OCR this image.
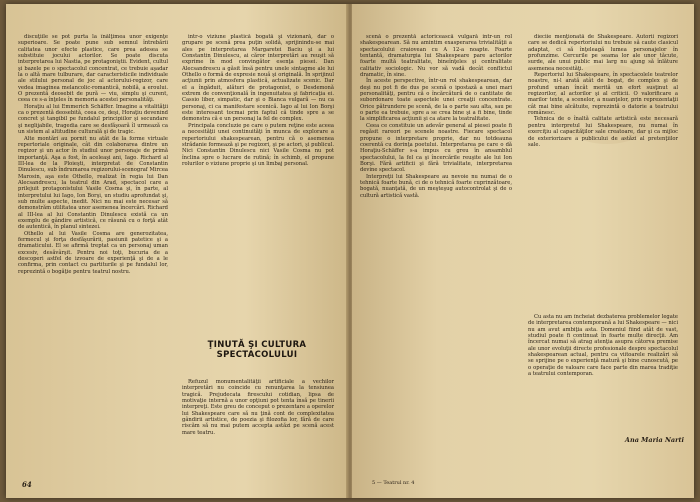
discuţiile se pot purta la înălţimea unor exigenţe superioare. Se poate pune sub semnul întrebării calitatea unor efecte plastice, care prea adesea se substituie jocului actorilor. Se poate discuta interpretarea lui Nastia, pe protagoniştii. Evident, cultul şi bazele pe o spectacolul concentrat, ce trebuie aşadar la o altă mare tulburare, dar caracteristicile individuale ale stilului personal de joc al actorului-regizor, care vedea imaginea melancolic-romantică, nobilă, a eroului. O prezentă deosebit de pură — viu, simplu şi curent, ceea ce s-a înţeles în memoria acestei personalităţi.

Horaţiu al lui Emmerich Schäffer. Imagine a vitalităţii ca o prezentă deosebită, ceea ce, deşi, Horaţiu devenind concret şi tangibil pe fundalul principiilor şi secundare şi neglijabile, tragedia care se desfăşoară îl urmează ca un sistem al altitudine culturală şi de tragic.

Alte montări au pornit nu atât de la forme virtuale repertoriale originale, cât din colaborarea dintre un regizor şi un actor în studiul unor personaje de primă importanţă. Aşa a fost, în aceleaşi ani, Iago. Richard al III-lea de la Ploieşti, interpretat de Constantin Dinulescu, sub îndrumarea regizorului-scenograf Mircea Marosin, aşa este Othello, realizat în regia lui Dan Alecsandrescu, la teatrul din Arad, spectacol care a prilejuit protagonistului Vasile Cosma şi, în parte, al interpretului lui Iago, Ion Borşi, un studiu aprofundat şi, sub multe aspecte, inedit. Nici nu mai este necesar să demonstrăm utilitatea unor asemenea încercări. Richard al III-lea al lui Constantin Dinulescu există ca un exemplu de gândire artistică, ce răsună cu o forţă atât de autentică, în planul sintezei.

Othello al lui Vasile Cosma are generozitatea, fermecul şi forţa desfăşurării, pasiunii patetice şi a dramaticului. El se afirmă treptat ca un personaj uman excesiv, desăvârşit. Pentru noi toţi, bucuria de a descoperi astfel de izvoare de experienţă şi de a le confirma, prin contact cu partiturile şi pe fundalul lor, reprezintă o bogăţie pentru teatrul nostru.

intr-o viziune plastică bogată şi vizionară, dar o grupare pe scenă prea puţin solidă, sprijinindu-se mai ales pe interpretarea Margaretei Baciu şi a lui Constantin Dinulescu, ai căror interpretări au reuşit să exprime în mod convingător esenţa piesei. Dan Alecsandrescu a găsit însă pentru unele sintagme ale lui Othello o formă de expresie nouă şi originală. În sprijinul acţiunii prin atmosfera plastică, actualizate scenic. Dar el a îngăduit, alături de protagonist, o Desdemonă extrem de convenţională în ingenuitatea şi fabricaţia ei. Cassio liber, simpatic, dar şi o Bianca vulgară — nu ca personaj, ci ca manifestare scenică. Iago al lui Ion Borşi este interesant tocmai prin faptul că tinde spre a se demonstra că e un personaj la fel de complex.

Principala concluzie pe care o putem reţine este aceea a necesităţii unei continuităţi în munca de explorare a repertoriului shakespearean, pentru că o asemenea strădanie formează şi pe regizori, şi pe actori, şi publicul. Nici Constantin Dinulescu nici Vasile Cosma nu pot înclina spre o lucrare de rutină; în schimb, el propune rolurilor o viziune proprie şi un limbaj personal.

ŢINUTĂ ŞI CULTURA
SPECTACOLULUI

Refuzul monumentalităţii artificiale a vechilor interpretări nu coincide cu renunţarea la tensiunea tragică. Prejudecata firescului cotidian, lipsa de motivaţie internă a unor opţiuni pot tenta însă pe tinerii interpreţi. Este greu de conceput o prezentare a operelor lui Shakespeare care să nu ţină cont de complexitatea gândirii artistice, de poezia şi filozofia lor, fără de care riscăm să nu mai putem accepta astăzi pe scenă acest mare teatru.

64

scenă o prezentă actoricească vulgară intr-un rol shakespearean. Să nu amintim exasperarea trivialităţii a spectacolului craiovean cu A 12-a noapte. Foarte tentantă, dramaturgia lui Shakespeare pare actorilor foarte multă teatralitate, bineînţeles şi centralitate calitativ sociologic. Nu vor să vadă decât conflictul dramatic, în sine.

În aceste perspective, într-un rol shakespearean, dar deşi nu pot fi de dus pe scenă o ipostază a unei mari personalităţi, pentru că o încărcătură de o cantitate de subordonare toate aspectele unei creaţii concentrate. Orice pătrundere pe scenă, de la o parte sau alta, sau pe o parte ea trebuie, spre a se crea bine şi a fi bine, tinde la simplificarea acţiunii şi ca atare la teatralitate.

Ceea ce constituie un adevăr general al piesei poate fi regăsit rareori pe scenele noastre. Fiecare spectacol propune o interpretare proprie, dar nu totdeauna coerentă cu dorinţa poetului. Interpretarea pe care o dă Horaţiu-Schäffer s-a impus cu greu în ansamblul spectacolului, la fel ca şi încercările reuşite ale lui Ion Borşi. Fără artificii şi fără trivialitate, interpretarea devine spectacol.

Interpreţii lui Shakespeare au nevoie nu numai de o tehnică foarte bună, ci de o tehnică foarte cuprinzătoare, bogată, nuanţată, de un meşteşug autocontrolat şi de o cultură artistică vastă.

dieciie menţionată de Shakespeare. Autorii regizori care se dedică repertoriului nu trebuie să caute clasicul adaptat, ci să înţeleagă lumea personajelor în profunzime. Cercurile pe seama lor ale unor tăcute, surde, ale unui public mai larg nu ajung să înlăture asemenea necesităţi.

Repertoriul lui Shakespeare, în spectacolele teatrelor noastre, ni-l arată atât de bogat, de complex şi de profund uman încât merită un efort susţinut al regizorilor, al actorilor şi al criticii. O valorificare a marilor texte, a scenelor, a nuanţelor, prin reprezentaţii cât mai bine alcătuite, reprezintă o datorie a teatrului românesc.

Tehnica de o înaltă calitate artistică este necesară pentru interpretul lui Shakespeare, nu numai în exerciţiu al capacităţilor sale creatoare, dar şi ca mijloc de exteriorizare a publicului de astăzi al pretenţiilor sale.

Cu asta nu am încheiat dezbaterea problemelor legate de interpretarea contemporană a lui Shakespeare — nici nu am avut ambiţia asta. Domeniul fiind atât de vast, studiul poate fi continuat în foarte multe direcţii. Am încercat numai să atrag atenţia asupra câtorva premise ale unor evoluţii directe profesionale despre spectacolul shakespearean actual, pentru ca viitoarele realizări să se sprijine pe o experienţă matură şi bine cunoscută, pe o operaţie de valoare care face parte din marea tradiţie a teatrului contemporan.

Ana Maria Narti
5 — Teatrul nr. 4
